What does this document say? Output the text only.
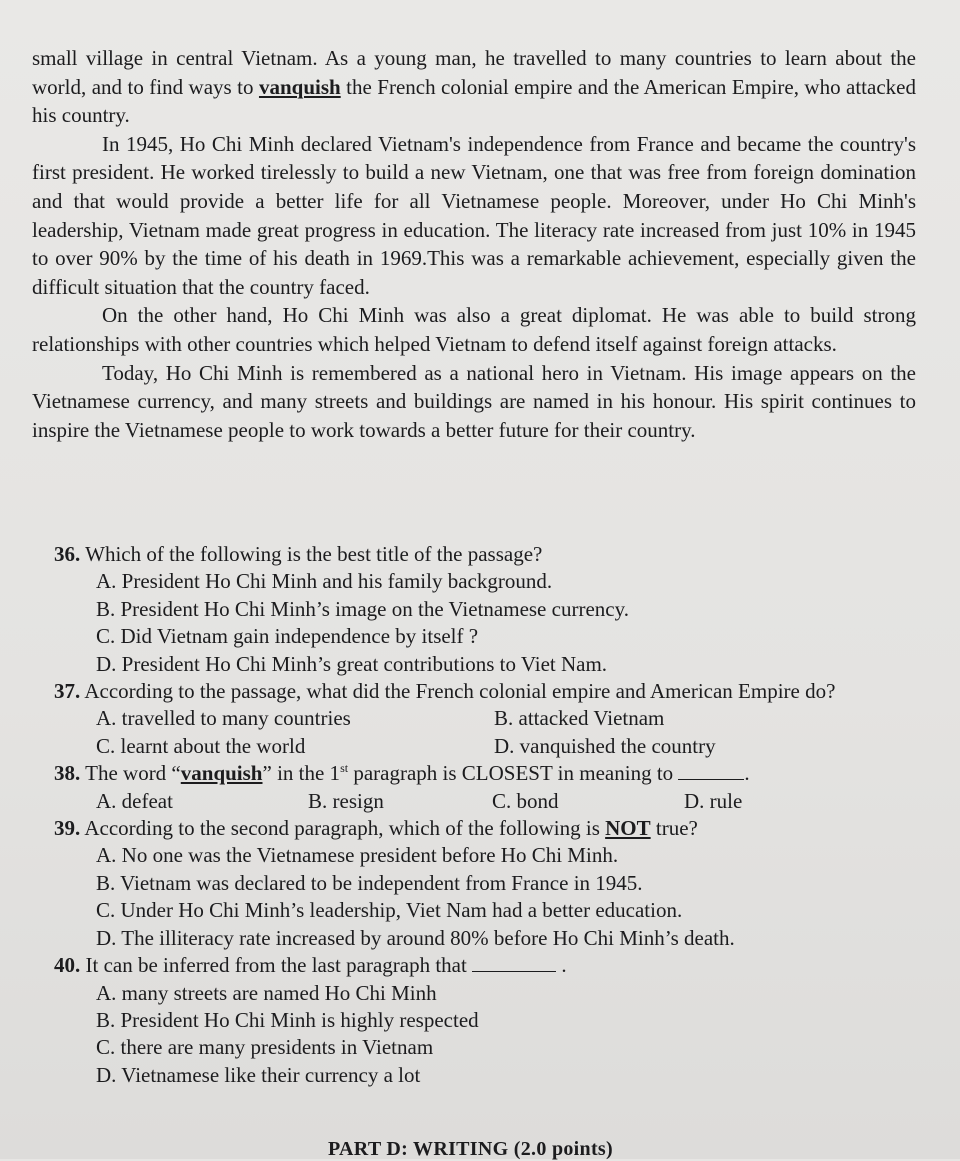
small village in central Vietnam. As a young man, he travelled to many countries to learn about the world, and to find ways to vanquish the French colonial empire and the American Empire, who attacked his country.

In 1945, Ho Chi Minh declared Vietnam's independence from France and became the country's first president. He worked tirelessly to build a new Vietnam, one that was free from foreign domination and that would provide a better life for all Vietnamese people. Moreover, under Ho Chi Minh's leadership, Vietnam made great progress in education. The literacy rate increased from just 10% in 1945 to over 90% by the time of his death in 1969.This was a remarkable achievement, especially given the difficult situation that the country faced.

On the other hand, Ho Chi Minh was also a great diplomat. He was able to build strong relationships with other countries which helped Vietnam to defend itself against foreign attacks.

Today, Ho Chi Minh is remembered as a national hero in Vietnam. His image appears on the Vietnamese currency, and many streets and buildings are named in his honour. His spirit continues to inspire the Vietnamese people to work towards a better future for their country.

36. Which of the following is the best title of the passage?

A. President Ho Chi Minh and his family background.

B. President Ho Chi Minh’s image on the Vietnamese currency.

C. Did Vietnam gain independence by itself ?

D. President Ho Chi Minh’s great contributions to Viet Nam.

37. According to the passage, what did the French colonial empire and American Empire do?

A. travelled to many countries	B. attacked Vietnam
C. learnt about the world	D. vanquished the country

38. The word “vanquish” in the 1st paragraph is CLOSEST in meaning to	.

A. defeat	B. resign	C. bond	D. rule

39. According to the second paragraph, which of the following is NOT true?

A. No one was the Vietnamese president before Ho Chi Minh.

B. Vietnam was declared to be independent from France in 1945.

C. Under Ho Chi Minh’s leadership, Viet Nam had a better education.

D. The illiteracy rate increased by around 80% before Ho Chi Minh’s death.

40. It can be inferred from the last paragraph that	.

A. many streets are named Ho Chi Minh

B. President Ho Chi Minh is highly respected

C. there are many presidents in Vietnam

D. Vietnamese like their currency a lot

PART D: WRITING (2.0 points)
